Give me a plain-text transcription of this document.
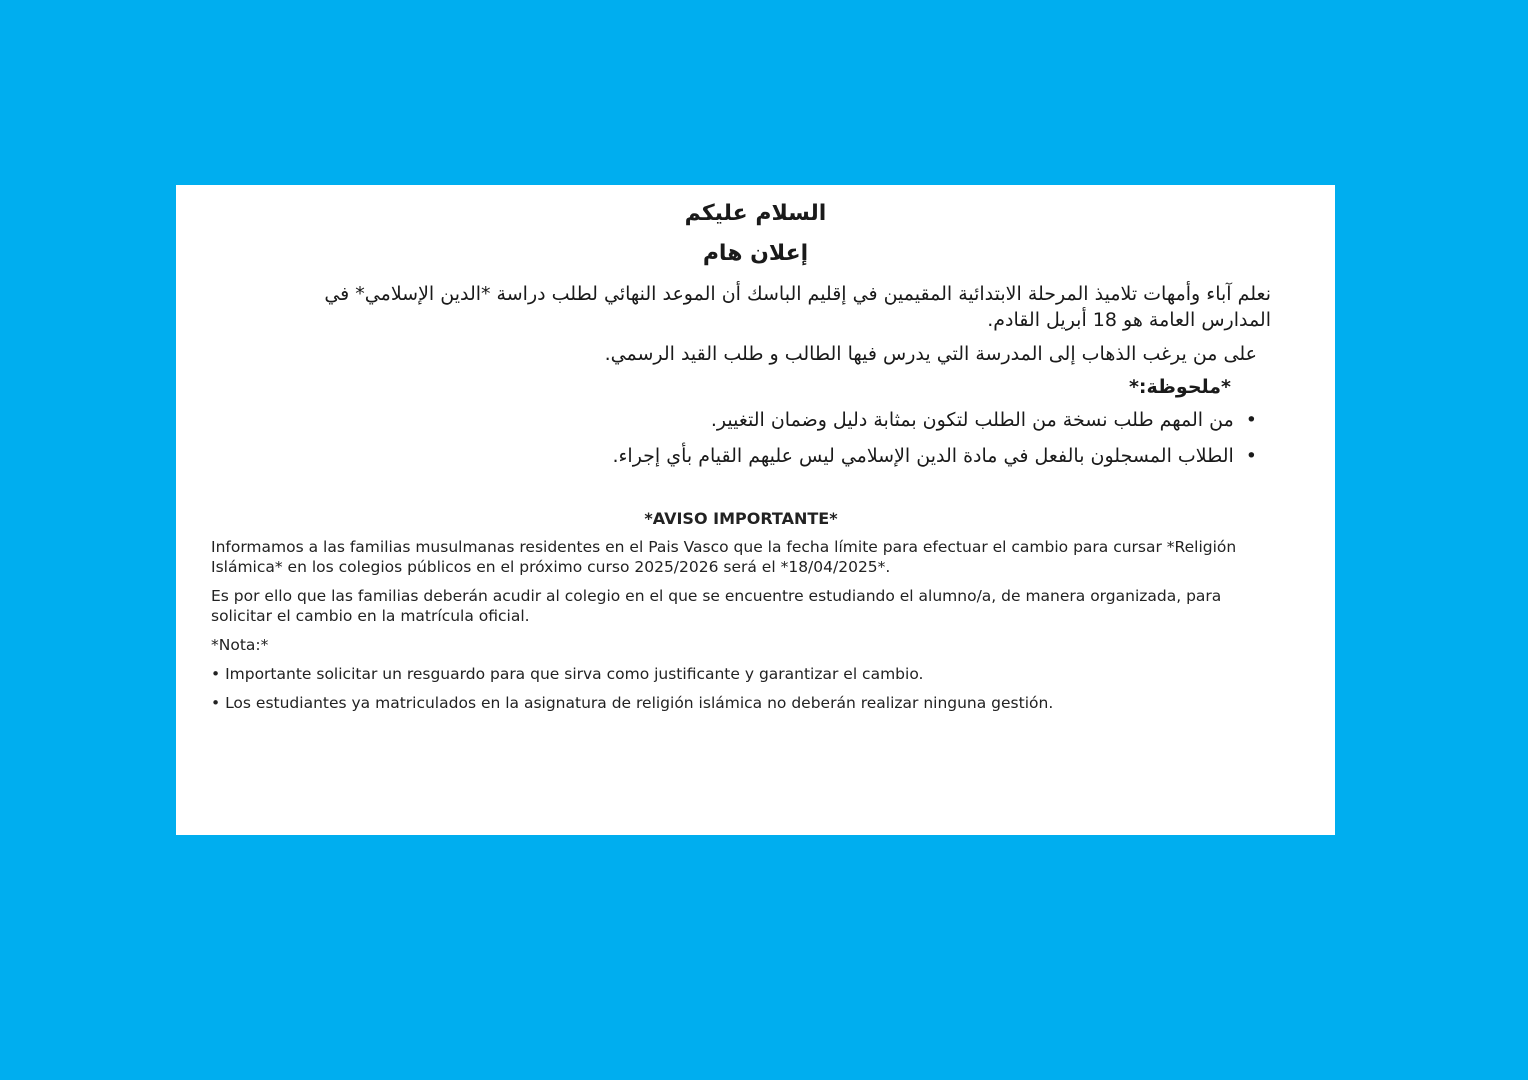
السلام عليكم
إعلان هام
نعلم آباء وأمهات تلاميذ المرحلة الابتدائية المقيمين في إقليم الباسك أن الموعد النهائي لطلب دراسة *الدين الإسلامي* في المدارس العامة هو 18 أبريل القادم.
على من يرغب الذهاب إلى المدرسة التي يدرس فيها الطالب و طلب القيد الرسمي.
*ملحوظة:*
•من المهم طلب نسخة من الطلب لتكون بمثابة دليل وضمان التغيير.
•الطلاب المسجلون بالفعل في مادة الدين الإسلامي ليس عليهم القيام بأي إجراء.
*AVISO IMPORTANTE*

Informamos a las familias musulmanas residentes en el Pais Vasco que la fecha límite para efectuar el cambio para cursar *Religión Islámica* en los colegios públicos en el próximo curso 2025/2026 será el *18/04/2025*.

Es por ello que las familias deberán acudir al colegio en el que se encuentre estudiando el alumno/a, de manera organizada, para solicitar el cambio en la matrícula oficial.

*Nota:*

• Importante solicitar un resguardo para que sirva como justificante y garantizar el cambio.

• Los estudiantes ya matriculados en la asignatura de religión islámica no deberán realizar ninguna gestión.
